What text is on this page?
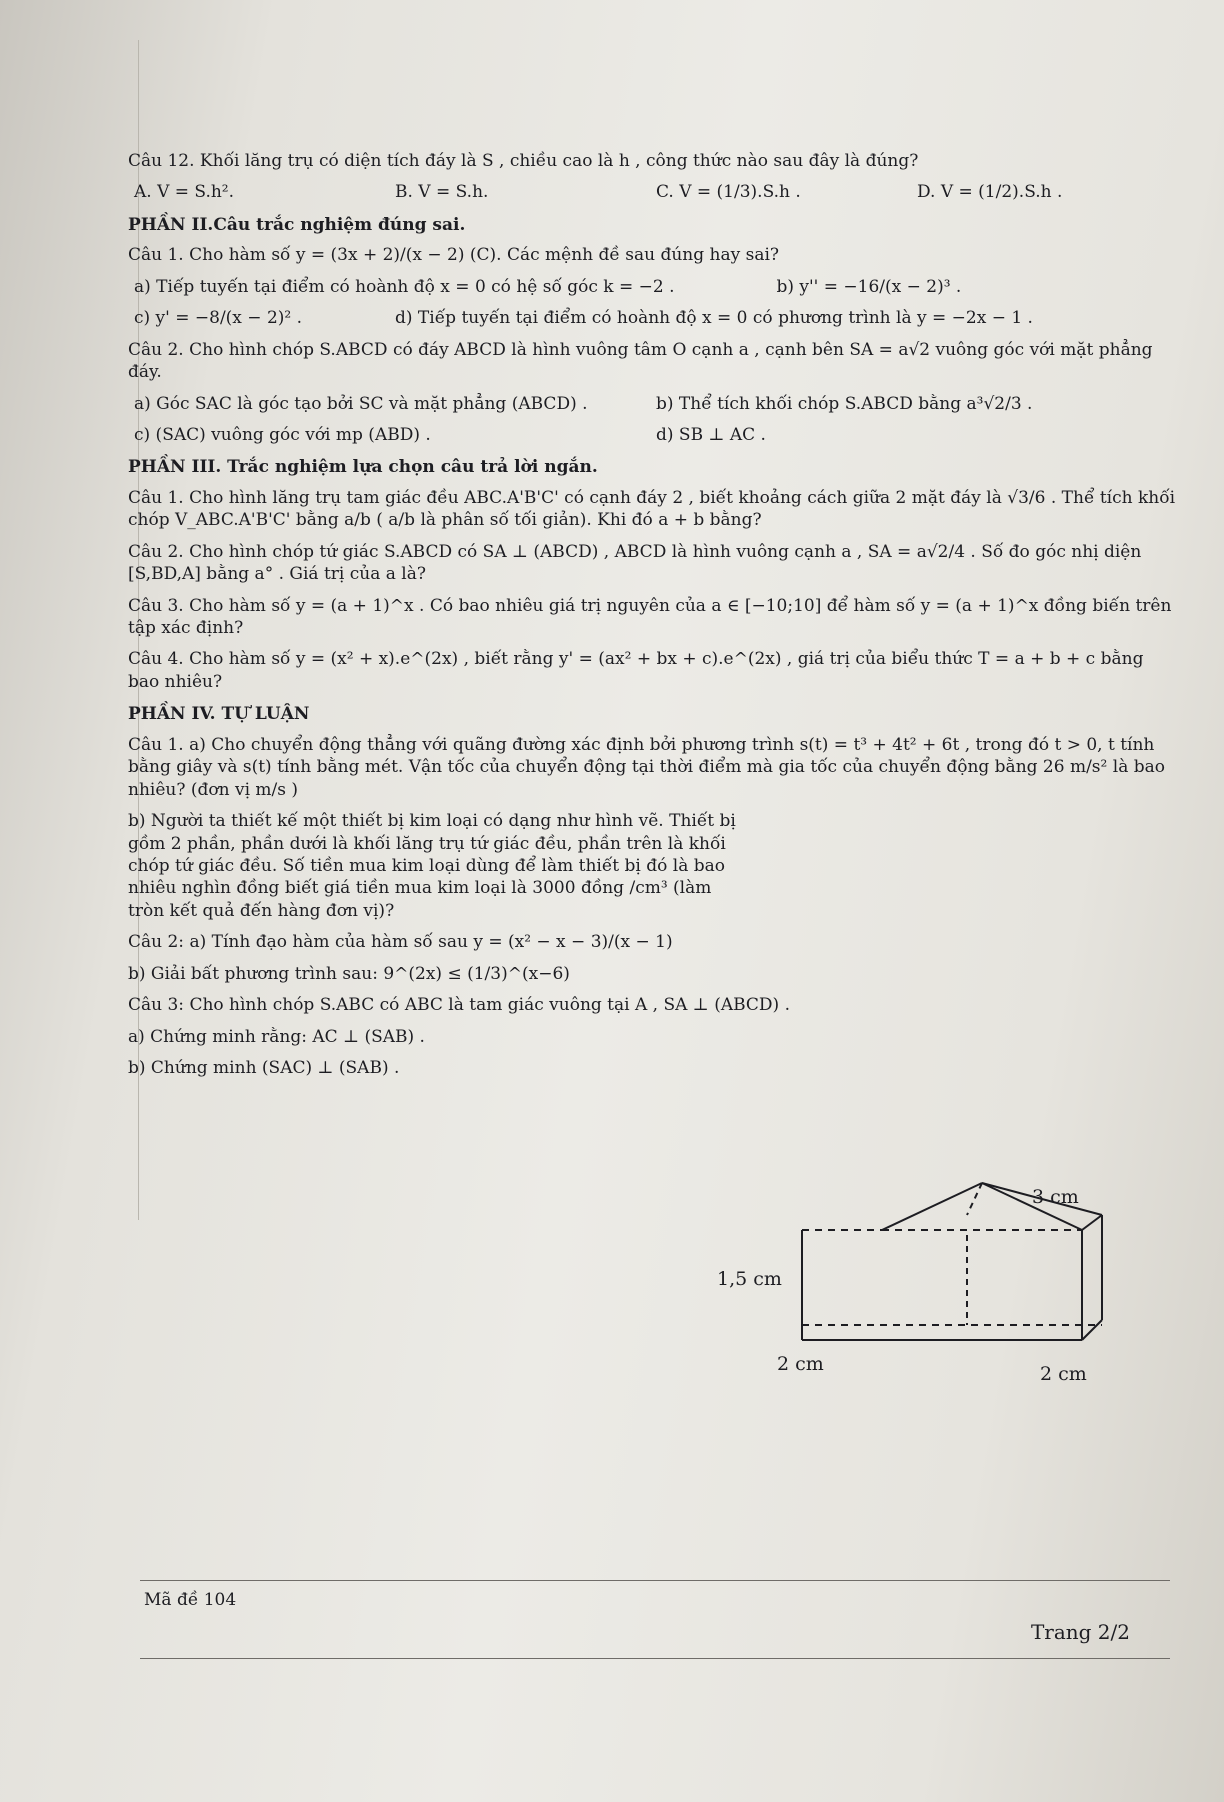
Câu 12. Khối lăng trụ có diện tích đáy là S , chiều cao là h , công thức nào sau đây là đúng?

A. V = S.h².	B. V = S.h.	C. V = (1/3).S.h .	D. V = (1/2).S.h .

PHẦN II.Câu trắc nghiệm đúng sai.

Câu 1. Cho hàm số y = (3x + 2)/(x − 2) (C). Các mệnh đề sau đúng hay sai?

a) Tiếp tuyến tại điểm có hoành độ x = 0 có hệ số góc k = −2 .	b) y'' = −16/(x − 2)³ .
c) y' = −8/(x − 2)² .	d) Tiếp tuyến tại điểm có hoành độ x = 0 có phương trình là y = −2x − 1 .

Câu 2. Cho hình chóp S.ABCD có đáy ABCD là hình vuông tâm O cạnh a , cạnh bên SA = a√2 vuông góc với mặt phẳng đáy.

a) Góc SAC là góc tạo bởi SC và mặt phẳng (ABCD) .	b) Thể tích khối chóp S.ABCD bằng a³√2/3 .
c) (SAC) vuông góc với mp (ABD) .	d) SB ⊥ AC .

PHẦN III. Trắc nghiệm lựa chọn câu trả lời ngắn.

Câu 1. Cho hình lăng trụ tam giác đều ABC.A'B'C' có cạnh đáy 2 , biết khoảng cách giữa 2 mặt đáy là √3/6 . Thể tích khối chóp V_ABC.A'B'C' bằng a/b ( a/b là phân số tối giản). Khi đó a + b bằng?

Câu 2. Cho hình chóp tứ giác S.ABCD có SA ⊥ (ABCD) , ABCD là hình vuông cạnh a , SA = a√2/4 . Số đo góc nhị diện [S,BD,A] bằng a° . Giá trị của a là?

Câu 3. Cho hàm số y = (a + 1)^x . Có bao nhiêu giá trị nguyên của a ∈ [−10;10] để hàm số y = (a + 1)^x đồng biến trên tập xác định?

Câu 4. Cho hàm số y = (x² + x).e^(2x) , biết rằng y' = (ax² + bx + c).e^(2x) , giá trị của biểu thức T = a + b + c bằng bao nhiêu?

PHẦN IV. TỰ LUẬN

Câu 1. a) Cho chuyển động thẳng với quãng đường xác định bởi phương trình s(t) = t³ + 4t² + 6t , trong đó t > 0, t tính bằng giây và s(t) tính bằng mét. Vận tốc của chuyển động tại thời điểm mà gia tốc của chuyển động bằng 26 m/s² là bao nhiêu? (đơn vị m/s )

b) Người ta thiết kế một thiết bị kim loại có dạng như hình vẽ. Thiết bị gồm 2 phần, phần dưới là khối lăng trụ tứ giác đều, phần trên là khối chóp tứ giác đều. Số tiền mua kim loại dùng để làm thiết bị đó là bao nhiêu nghìn đồng biết giá tiền mua kim loại là 3000 đồng /cm³ (làm tròn kết quả đến hàng đơn vị)?

Câu 2: a) Tính đạo hàm của hàm số sau y = (x² − x − 3)/(x − 1)

b) Giải bất phương trình sau: 9^(2x) ≤ (1/3)^(x−6)

Câu 3: Cho hình chóp S.ABC có ABC là tam giác vuông tại A , SA ⊥ (ABCD) .

a) Chứng minh rằng: AC ⊥ (SAB) .

b) Chứng minh (SAC) ⊥ (SAB) .

3 cm
1,5 cm
2 cm	2 cm
Mã đề 104
Trang 2/2
